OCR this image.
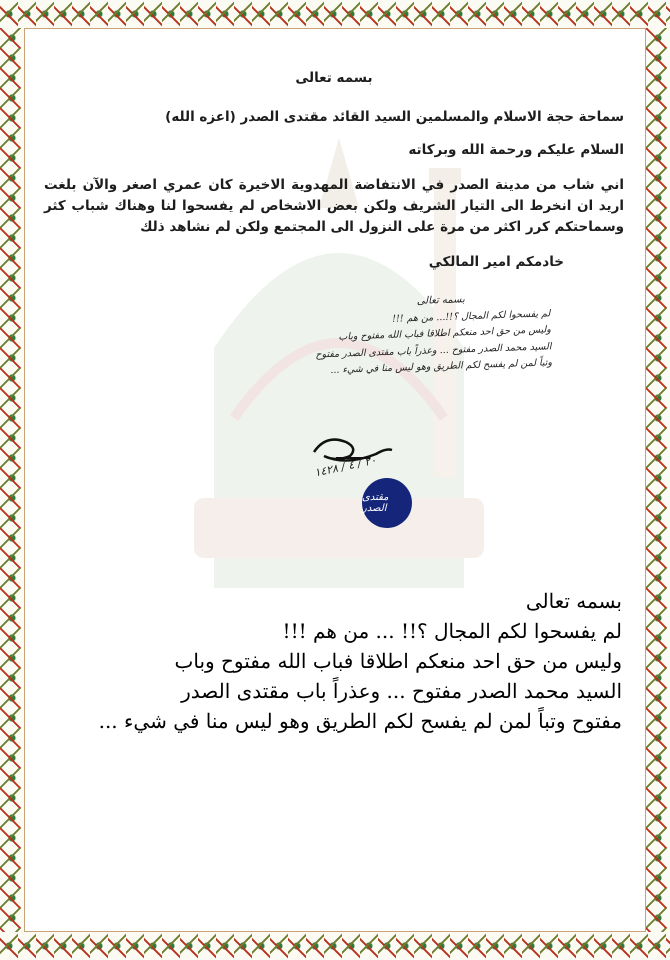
بسمه تعالى

سماحة حجة الاسلام والمسلمين السيد القائد مقتدى الصدر (اعزه الله)

السلام عليكم ورحمة الله وبركاته

اني شاب من مدينة الصدر في الانتفاضة المهدوية الاخيرة كان عمري اصغر والآن بلغت اريد ان انخرط الى التيار الشريف ولكن بعض الاشخاص لم يفسحوا لنا وهناك شباب كثر وسماحتكم كرر اكثر من مرة على النزول الى المجتمع ولكن لم نشاهد ذلك

خادمكم امير المالكي

بسمه تعالى
لم يفسحوا لكم المجال ؟!!... من هم !!!
وليس من حق احد منعكم اطلاقا فباب الله مفتوح وباب
السيد محمد الصدر مفتوح ... وعذراً باب مقتدى الصدر مفتوح
وتباً لمن لم يفسح لكم الطريق وهو ليس منا في شيء ...
٢٠ / ٤ / ١٤٢٨
مقتدى الصدر
بسمه تعالى
لم يفسحوا لكم المجال ؟!! ... من هم !!!
وليس من حق احد منعكم اطلاقا فباب الله مفتوح وباب
السيد محمد الصدر مفتوح ... وعذراً باب مقتدى الصدر
مفتوح وتباً لمن لم يفسح لكم الطريق وهو ليس منا في شيء ...
